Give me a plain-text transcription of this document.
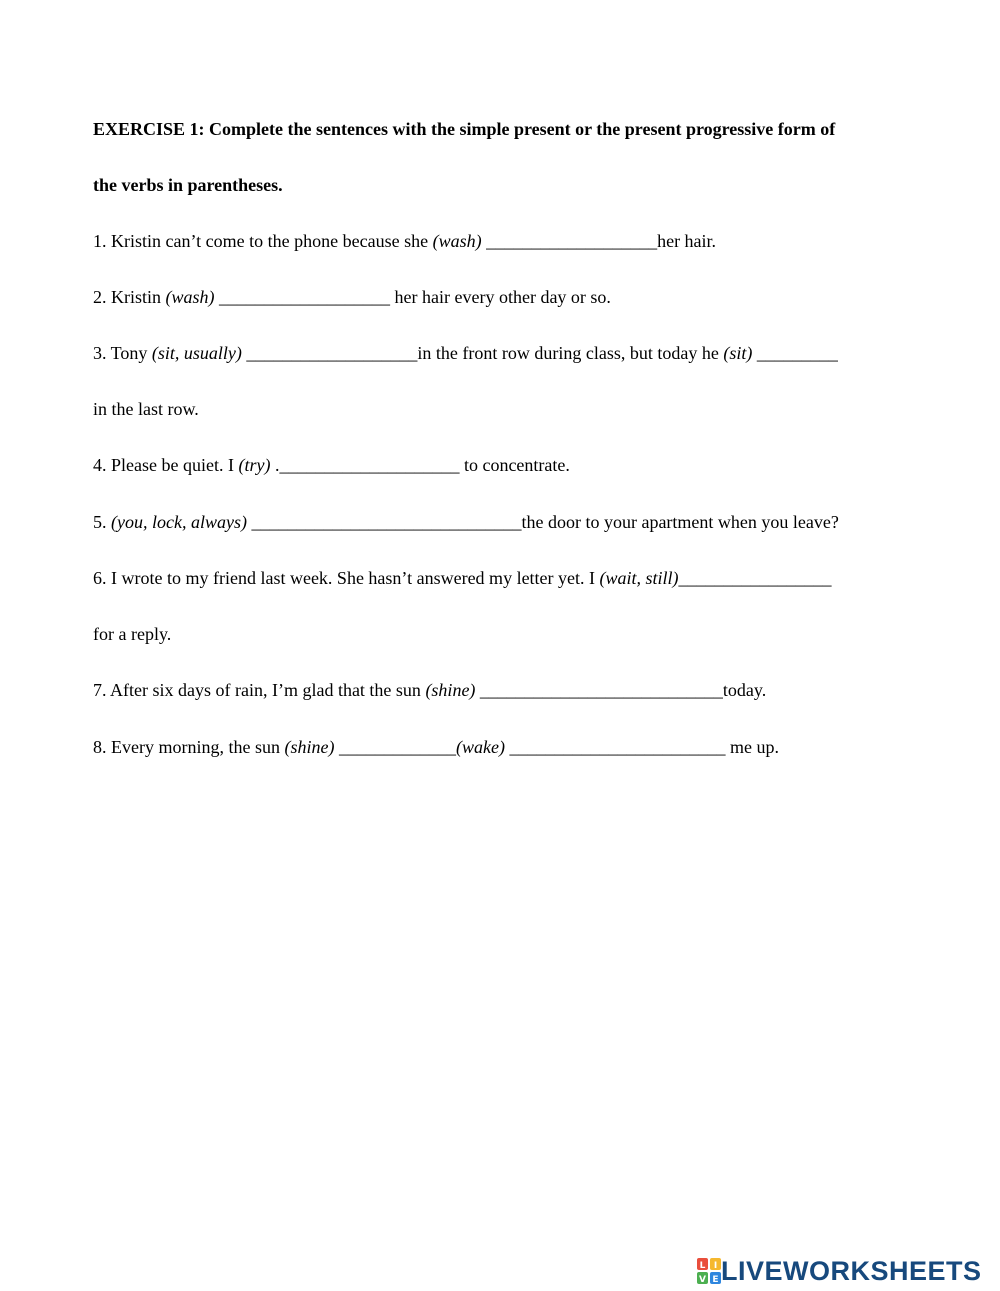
EXERCISE 1: Complete the sentences with the simple present or the present progressive form of
the verbs in parentheses.
1. Kristin can’t come to the phone because she (wash) ___________________her hair.
2. Kristin (wash) ___________________ her hair every other day or so.
3. Tony (sit, usually) ___________________in the front row during class, but today he (sit) _________
in the last row.
4. Please be quiet. I (try) .____________________ to concentrate.
5. (you, lock, always) ______________________________the door to your apartment when you leave?
6. I wrote to my friend last week. She hasn’t answered my letter yet. I (wait, still)_________________
for a reply.
7. After six days of rain, I’m glad that the sun (shine) ___________________________today.
8. Every morning, the sun (shine) _____________(wake) ________________________ me up.
L I
V E LIVEWORKSHEETS
